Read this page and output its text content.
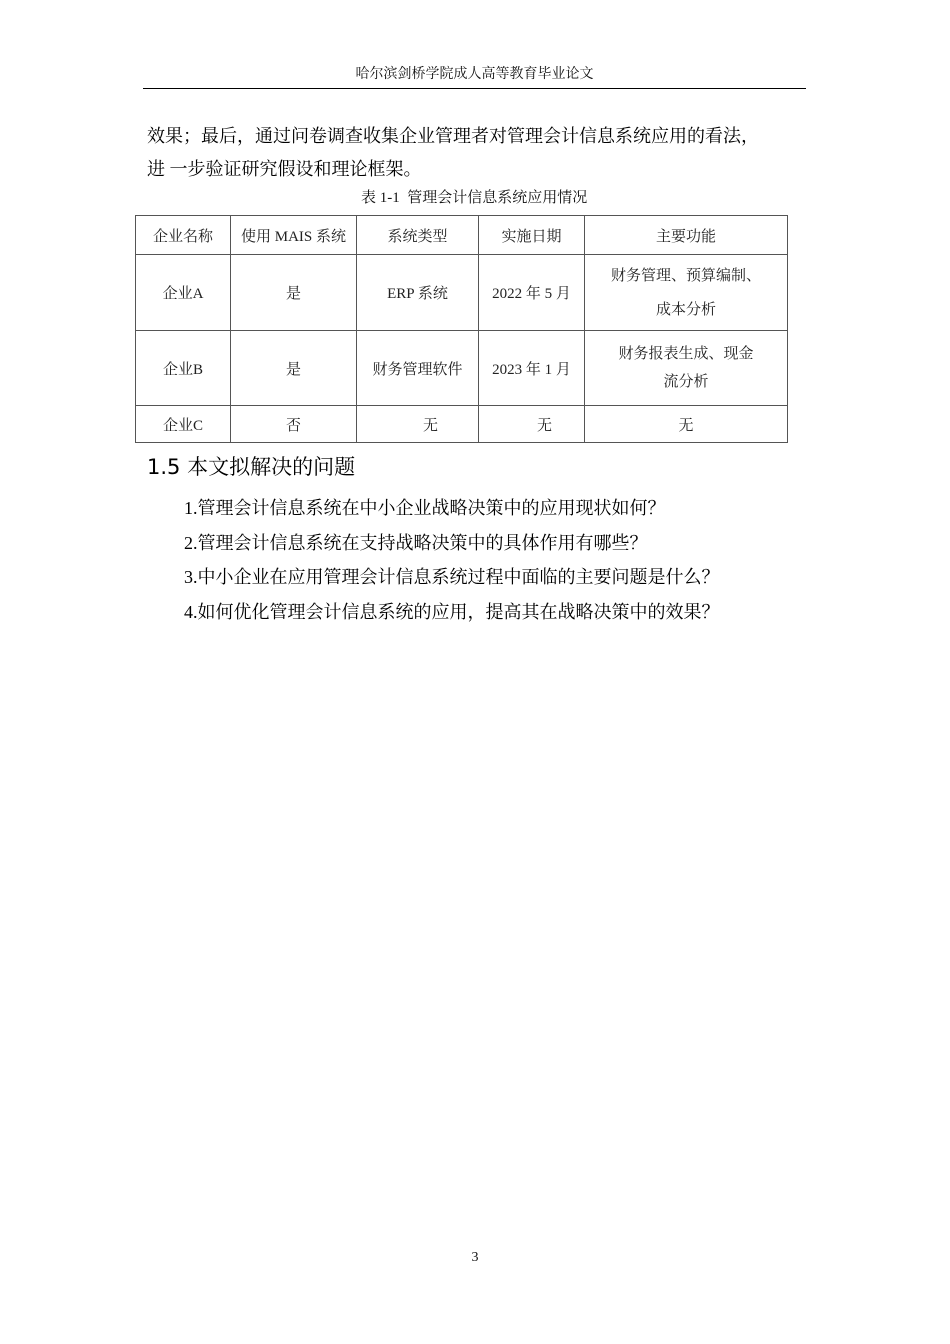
哈尔滨剑桥学院成人高等教育毕业论文
效果；最后，通过问卷调查收集企业管理者对管理会计信息系统应用的看法，
进 一步验证研究假设和理论框架。
表 1-1  管理会计信息系统应用情况
企业名称	使用 MAIS 系统	系统类型	实施日期	主要功能
企业A	是	ERP 系统	2022 年 5 月	财务管理、预算编制、
成本分析

企业B	是	财务管理软件	2023 年 1 月	财务报表生成、现金
流分析

企业C	否	无	无	无
1.5 本文拟解决的问题
1.管理会计信息系统在中小企业战略决策中的应用现状如何？
2.管理会计信息系统在支持战略决策中的具体作用有哪些？
3.中小企业在应用管理会计信息系统过程中面临的主要问题是什么？
4.如何优化管理会计信息系统的应用，提高其在战略决策中的效果？
3
